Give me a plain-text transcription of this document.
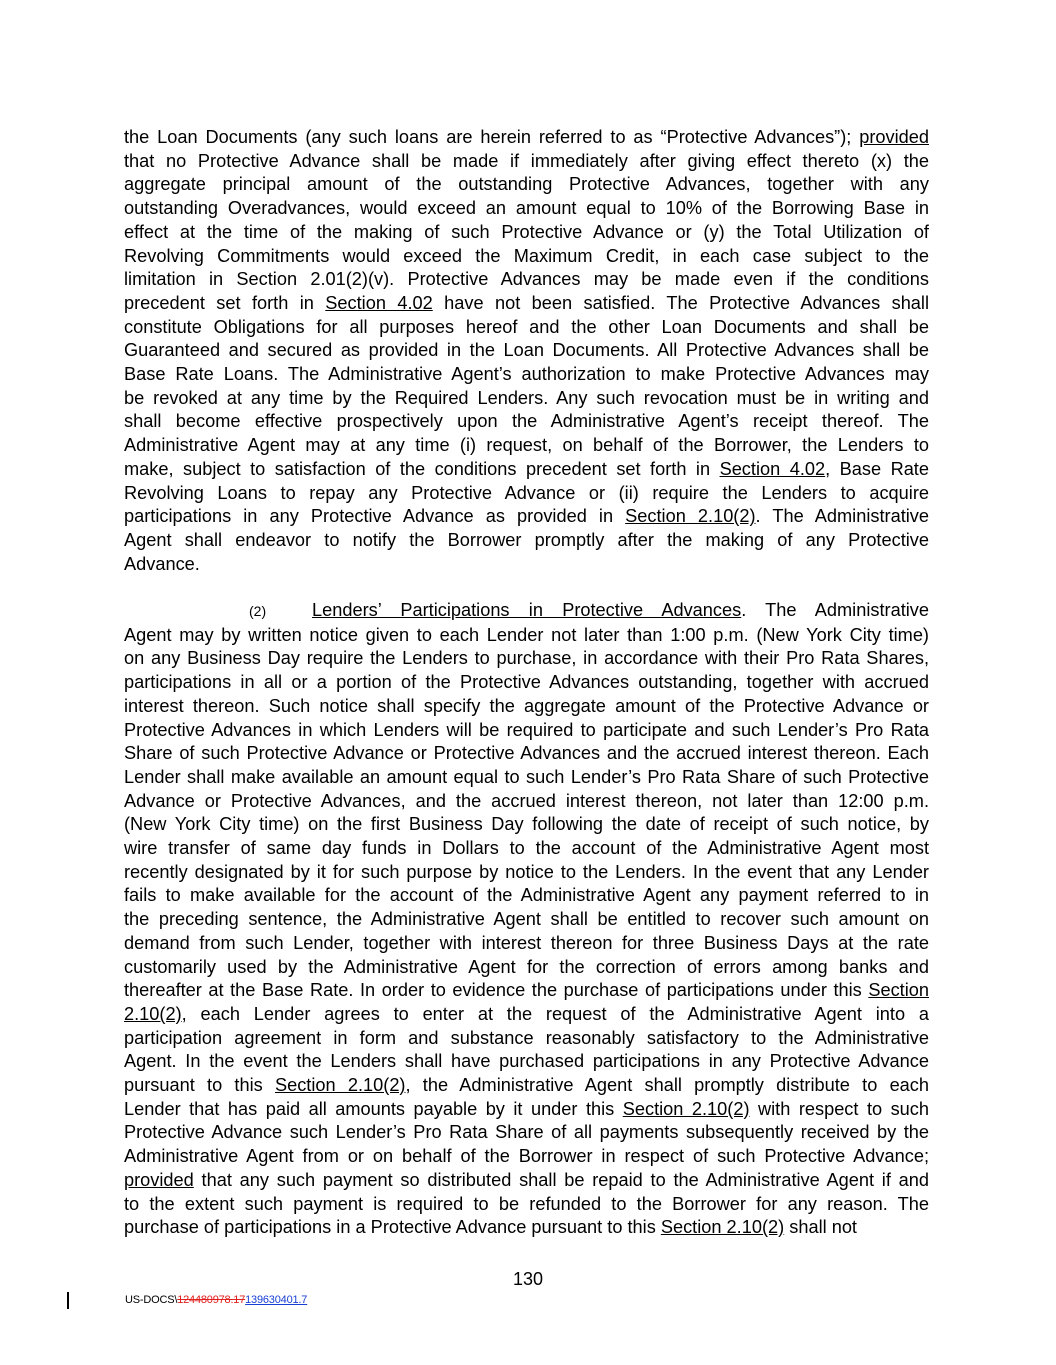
the Loan Documents (any such loans are herein referred to as “Protective Advances”); provided
that no Protective Advance shall be made if immediately after giving effect thereto (x) the
aggregate principal amount of the outstanding Protective Advances, together with any
outstanding Overadvances, would exceed an amount equal to 10% of the Borrowing Base in
effect at the time of the making of such Protective Advance or (y) the Total Utilization of
Revolving Commitments would exceed the Maximum Credit, in each case subject to the
limitation in Section 2.01(2)(v). Protective Advances may be made even if the conditions
precedent set forth in Section 4.02 have not been satisfied. The Protective Advances shall
constitute Obligations for all purposes hereof and the other Loan Documents and shall be
Guaranteed and secured as provided in the Loan Documents. All Protective Advances shall be
Base Rate Loans. The Administrative Agent’s authorization to make Protective Advances may
be revoked at any time by the Required Lenders. Any such revocation must be in writing and
shall become effective prospectively upon the Administrative Agent’s receipt thereof. The
Administrative Agent may at any time (i) request, on behalf of the Borrower, the Lenders to
make, subject to satisfaction of the conditions precedent set forth in Section 4.02, Base Rate
Revolving Loans to repay any Protective Advance or (ii) require the Lenders to acquire
participations in any Protective Advance as provided in Section 2.10(2). The Administrative
Agent shall endeavor to notify the Borrower promptly after the making of any Protective
Advance.
(2)	Lenders’ Participations in Protective Advances. The Administrative
Agent may by written notice given to each Lender not later than 1:00 p.m. (New York City time)
on any Business Day require the Lenders to purchase, in accordance with their Pro Rata Shares,
participations in all or a portion of the Protective Advances outstanding, together with accrued
interest thereon. Such notice shall specify the aggregate amount of the Protective Advance or
Protective Advances in which Lenders will be required to participate and such Lender’s Pro Rata
Share of such Protective Advance or Protective Advances and the accrued interest thereon. Each
Lender shall make available an amount equal to such Lender’s Pro Rata Share of such Protective
Advance or Protective Advances, and the accrued interest thereon, not later than 12:00 p.m.
(New York City time) on the first Business Day following the date of receipt of such notice, by
wire transfer of same day funds in Dollars to the account of the Administrative Agent most
recently designated by it for such purpose by notice to the Lenders. In the event that any Lender
fails to make available for the account of the Administrative Agent any payment referred to in
the preceding sentence, the Administrative Agent shall be entitled to recover such amount on
demand from such Lender, together with interest thereon for three Business Days at the rate
customarily used by the Administrative Agent for the correction of errors among banks and
thereafter at the Base Rate. In order to evidence the purchase of participations under this Section
2.10(2), each Lender agrees to enter at the request of the Administrative Agent into a
participation agreement in form and substance reasonably satisfactory to the Administrative
Agent. In the event the Lenders shall have purchased participations in any Protective Advance
pursuant to this Section 2.10(2), the Administrative Agent shall promptly distribute to each
Lender that has paid all amounts payable by it under this Section 2.10(2) with respect to such
Protective Advance such Lender’s Pro Rata Share of all payments subsequently received by the
Administrative Agent from or on behalf of the Borrower in respect of such Protective Advance;
provided that any such payment so distributed shall be repaid to the Administrative Agent if and
to the extent such payment is required to be refunded to the Borrower for any reason. The
purchase of participations in a Protective Advance pursuant to this Section 2.10(2) shall not
130
US-DOCS\124480978.17139630401.7
